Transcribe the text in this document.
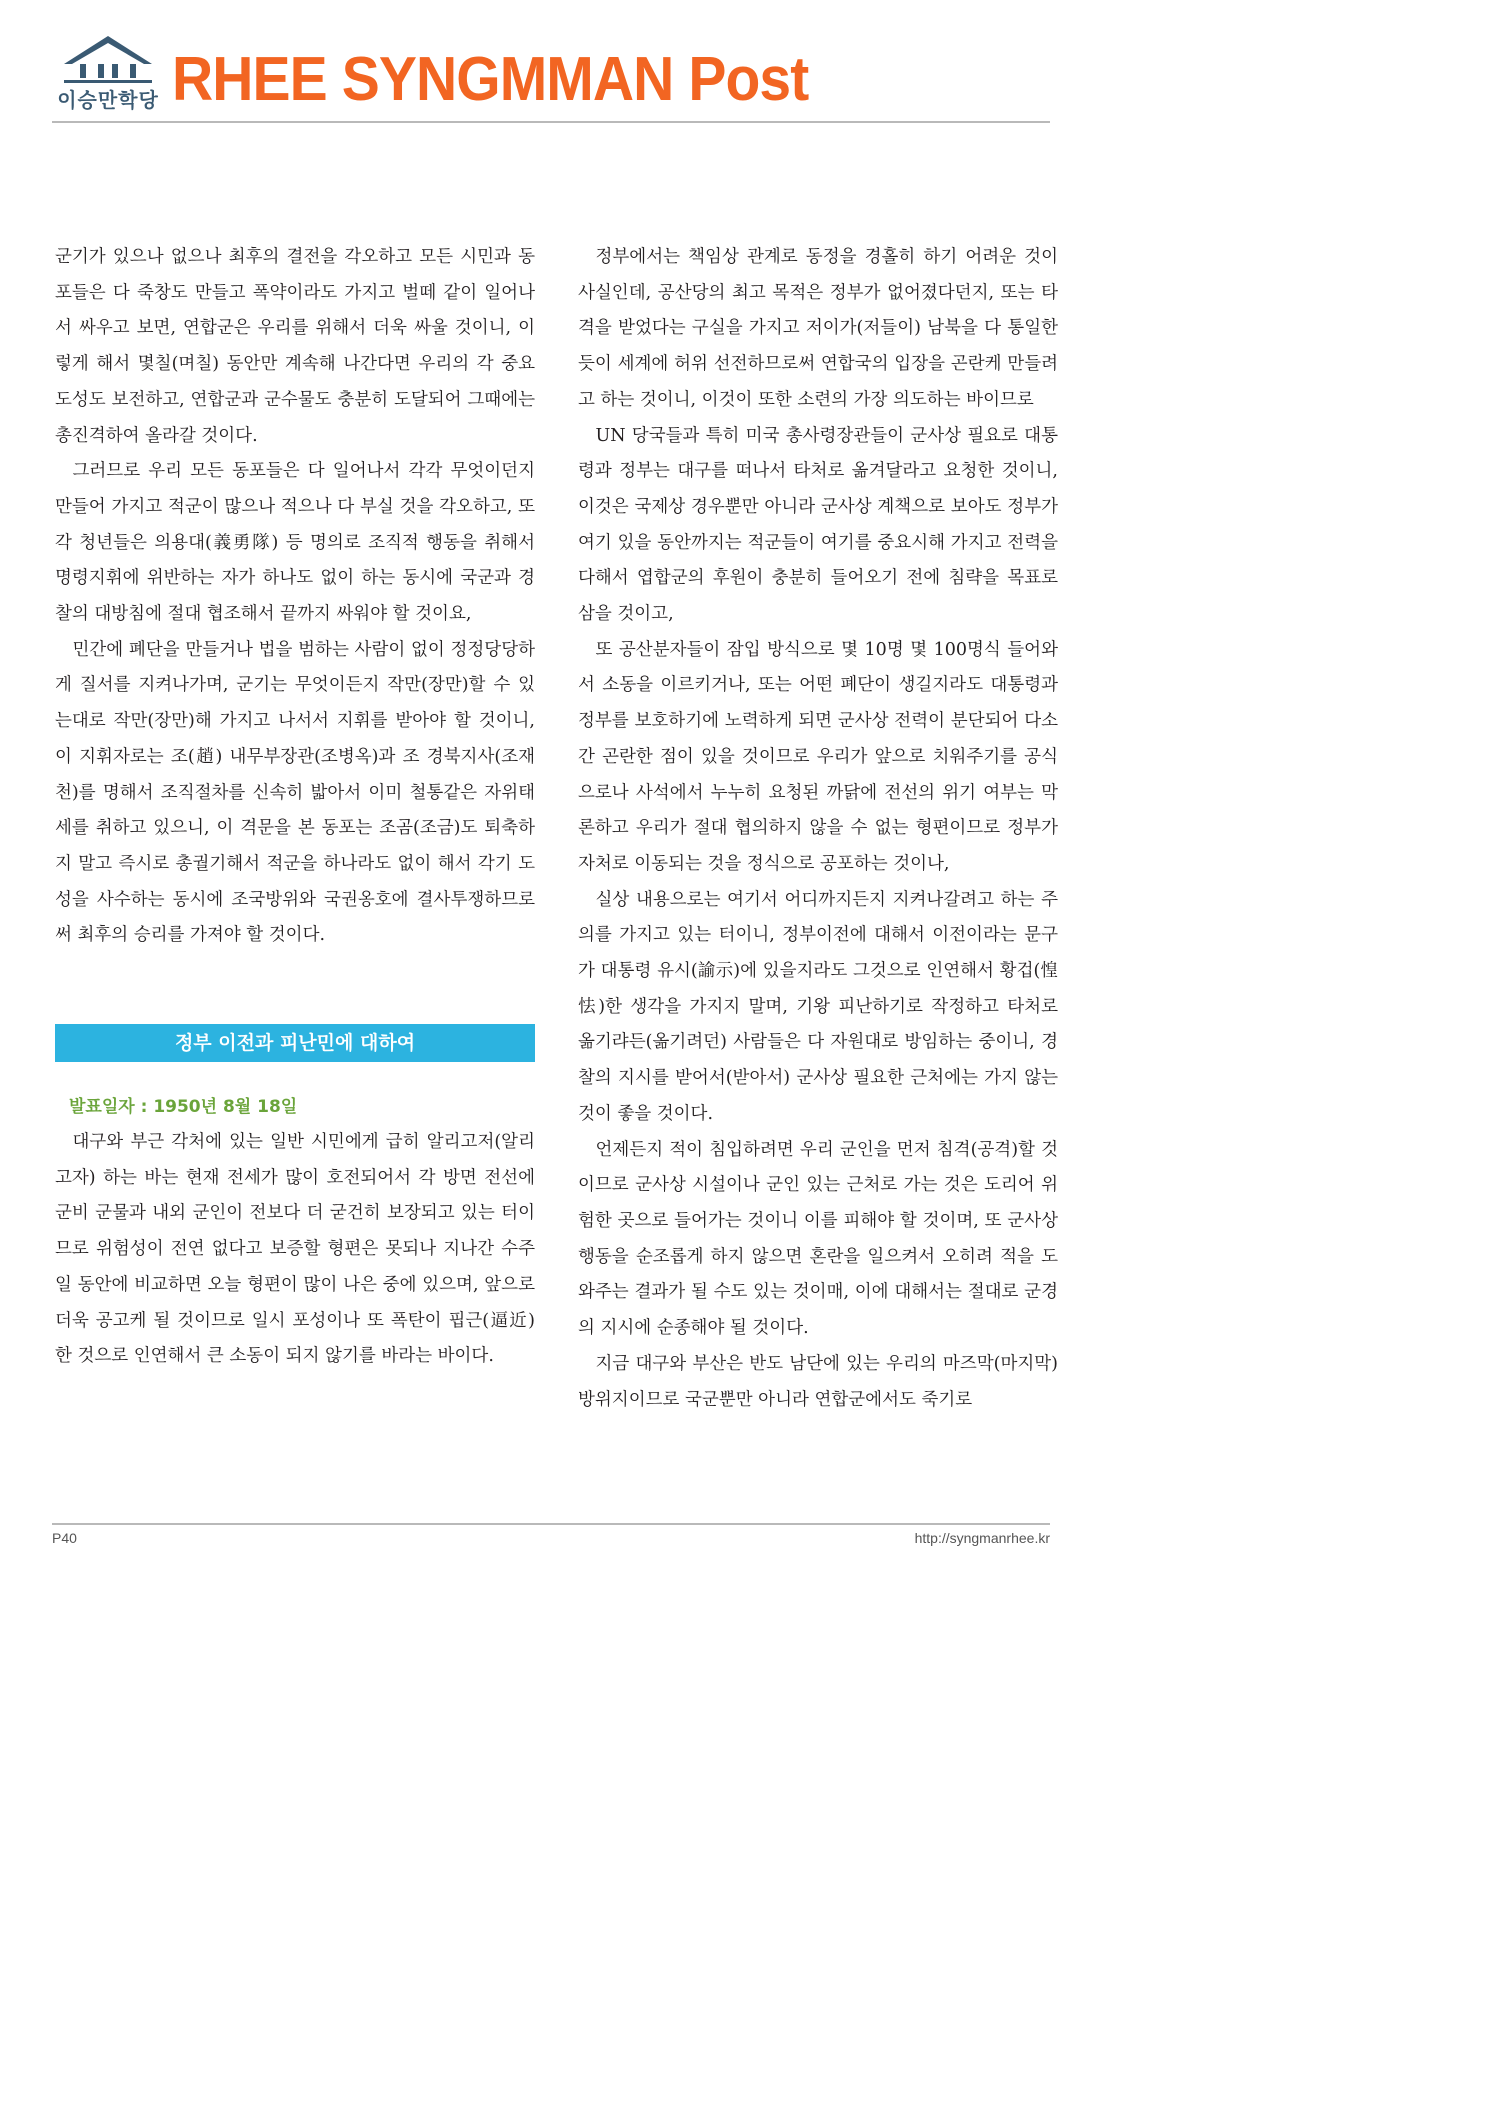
이승만학당 RHEE SYNGMMAN Post

군기가 있으나 없으나 최후의 결전을 각오하고 모든 시민과 동포들은 다 죽창도 만들고 폭약이라도 가지고 벌떼 같이 일어나서 싸우고 보면, 연합군은 우리를 위해서 더욱 싸울 것이니, 이렇게 해서 몇칠(며칠) 동안만 계속해 나간다면 우리의 각 중요 도성도 보전하고, 연합군과 군수물도 충분히 도달되어 그때에는 총진격하여 올라갈 것이다.

그러므로 우리 모든 동포들은 다 일어나서 각각 무엇이던지 만들어 가지고 적군이 많으나 적으나 다 부실 것을 각오하고, 또 각 청년들은 의용대(義勇隊) 등 명의로 조직적 행동을 취해서 명령지휘에 위반하는 자가 하나도 없이 하는 동시에 국군과 경찰의 대방침에 절대 협조해서 끝까지 싸워야 할 것이요,

민간에 폐단을 만들거나 법을 범하는 사람이 없이 정정당당하게 질서를 지켜나가며, 군기는 무엇이든지 작만(장만)할 수 있는대로 작만(장만)해 가지고 나서서 지휘를 받아야 할 것이니, 이 지휘자로는 조(趙) 내무부장관(조병옥)과 조 경북지사(조재천)를 명해서 조직절차를 신속히 밟아서 이미 철통같은 자위태세를 취하고 있으니, 이 격문을 본 동포는 조곰(조금)도 퇴축하지 말고 즉시로 총궐기해서 적군을 하나라도 없이 해서 각기 도성을 사수하는 동시에 조국방위와 국권옹호에 결사투쟁하므로써 최후의 승리를 가져야 할 것이다.

정부 이전과 피난민에 대하여
발표일자 : 1950년 8월 18일

대구와 부근 각처에 있는 일반 시민에게 급히 알리고저(알리고자) 하는 바는 현재 전세가 많이 호전되어서 각 방면 전선에 군비 군물과 내외 군인이 전보다 더 굳건히 보장되고 있는 터이므로 위험성이 전연 없다고 보증할 형편은 못되나 지나간 수주일 동안에 비교하면 오늘 형편이 많이 나은 중에 있으며, 앞으로 더욱 공고케 될 것이므로 일시 포성이나 또 폭탄이 핍근(逼近)한 것으로 인연해서 큰 소동이 되지 않기를 바라는 바이다.

정부에서는 책임상 관계로 동정을 경홀히 하기 어려운 것이 사실인데, 공산당의 최고 목적은 정부가 없어졌다던지, 또는 타격을 받었다는 구실을 가지고 저이가(저들이) 남북을 다 통일한 듯이 세계에 허위 선전하므로써 연합국의 입장을 곤란케 만들려고 하는 것이니, 이것이 또한 소련의 가장 의도하는 바이므로

UN 당국들과 특히 미국 총사령장관들이 군사상 필요로 대통령과 정부는 대구를 떠나서 타처로 옮겨달라고 요청한 것이니, 이것은 국제상 경우뿐만 아니라 군사상 계책으로 보아도 정부가 여기 있을 동안까지는 적군들이 여기를 중요시해 가지고 전력을 다해서 엽합군의 후원이 충분히 들어오기 전에 침략을 목표로 삼을 것이고,

또 공산분자들이 잠입 방식으로 몇 10명 몇 100명식 들어와서 소동을 이르키거나, 또는 어떤 폐단이 생길지라도 대통령과 정부를 보호하기에 노력하게 되면 군사상 전력이 분단되어 다소간 곤란한 점이 있을 것이므로 우리가 앞으로 치워주기를 공식으로나 사석에서 누누히 요청된 까닭에 전선의 위기 여부는 막론하고 우리가 절대 협의하지 않을 수 없는 형편이므로 정부가 자처로 이동되는 것을 정식으로 공포하는 것이나,

실상 내용으로는 여기서 어디까지든지 지켜나갈려고 하는 주의를 가지고 있는 터이니, 정부이전에 대해서 이전이라는 문구가 대통령 유시(諭示)에 있을지라도 그것으로 인연해서 황겁(惶怯)한 생각을 가지지 말며, 기왕 피난하기로 작정하고 타처로 옮기랴든(옮기려던) 사람들은 다 자원대로 방임하는 중이니, 경찰의 지시를 받어서(받아서) 군사상 필요한 근처에는 가지 않는 것이 좋을 것이다.

언제든지 적이 침입하려면 우리 군인을 먼저 침격(공격)할 것이므로 군사상 시설이나 군인 있는 근처로 가는 것은 도리어 위험한 곳으로 들어가는 것이니 이를 피해야 할 것이며, 또 군사상 행동을 순조롭게 하지 않으면 혼란을 일으켜서 오히려 적을 도와주는 결과가 될 수도 있는 것이매, 이에 대해서는 절대로 군경의 지시에 순종해야 될 것이다.

지금 대구와 부산은 반도 남단에 있는 우리의 마즈막(마지막) 방위지이므로 국군뿐만 아니라 연합군에서도 죽기로

P40	http://syngmanrhee.kr
